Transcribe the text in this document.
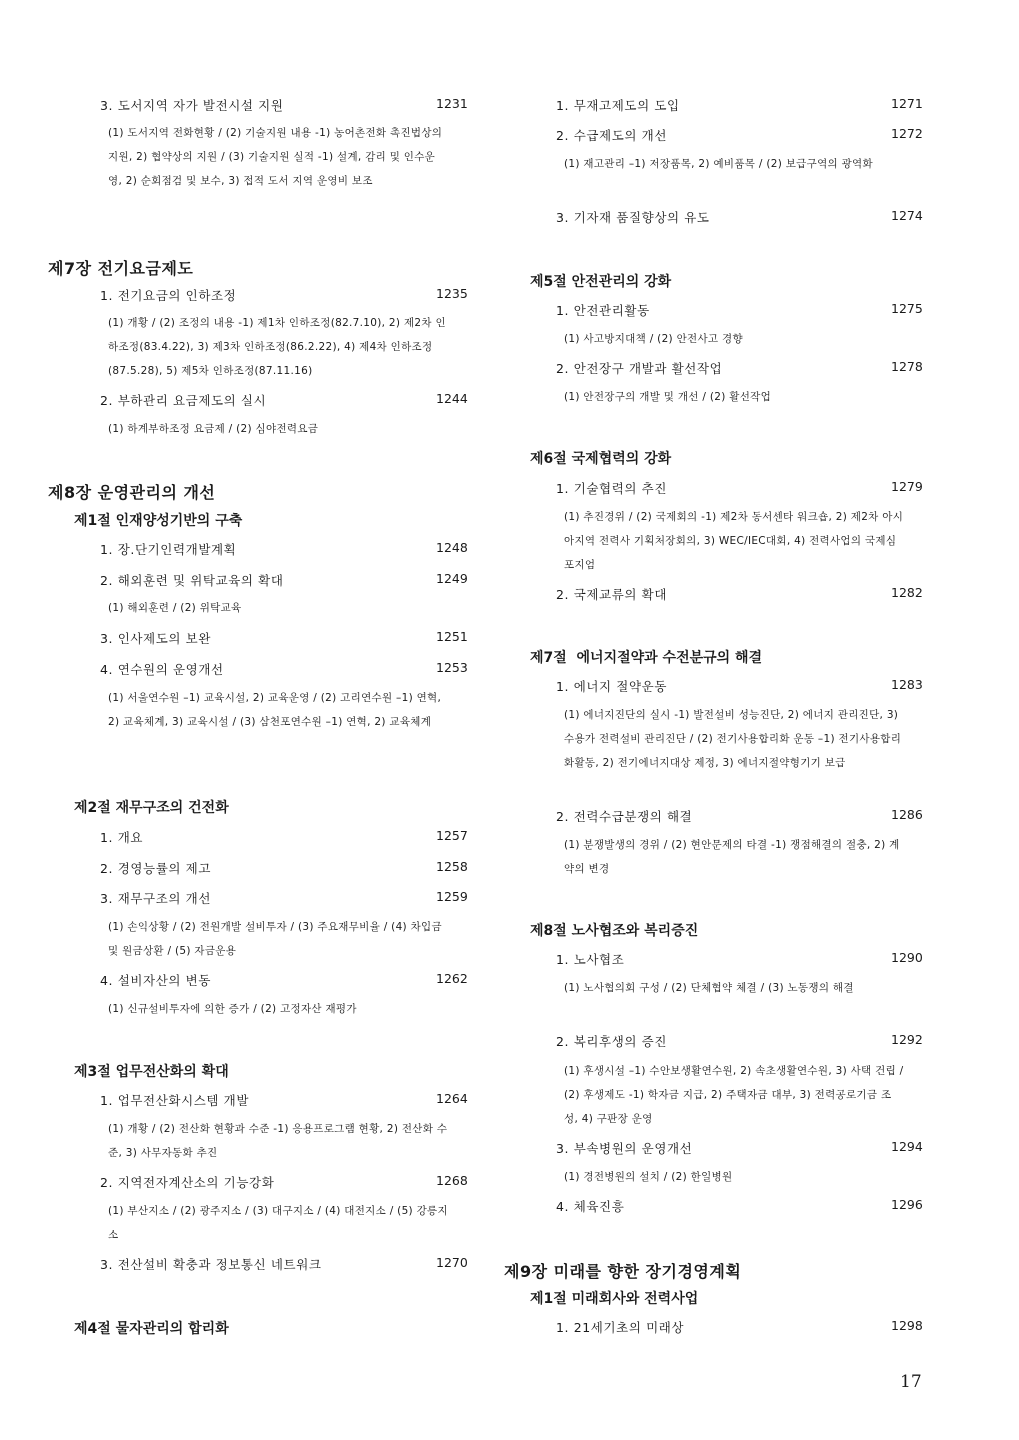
3. 도서지역 자가 발전시설 지원	1231
(1) 도서지역 전화현황 / (2) 기술지원 내용 -1) 농어촌전화 촉진법상의 지원, 2) 협약상의 지원 / (3) 기술지원 실적 -1) 설계, 감리 및 인수운영, 2) 순회점검 및 보수, 3) 접적 도서 지역 운영비 보조
제7장 전기요금제도
1. 전기요금의 인하조정	1235
(1) 개황 / (2) 조정의 내용 -1) 제1차 인하조정(82.7.10), 2) 제2차 인하조정(83.4.22), 3) 제3차 인하조정(86.2.22), 4) 제4차 인하조정(87.5.28), 5) 제5차 인하조정(87.11.16)
2. 부하관리 요금제도의 실시	1244
(1) 하계부하조정 요금제 / (2) 심야전력요금
제8장 운영관리의 개선
제1절 인재양성기반의 구축
1. 장.단기인력개발계획	1248
2. 해외훈련 및 위탁교육의 확대	1249
(1) 해외훈련 / (2) 위탁교육
3. 인사제도의 보완	1251
4. 연수원의 운영개선	1253
(1) 서울연수원 –1) 교육시설, 2) 교육운영 / (2) 고리연수원 –1) 연혁, 2) 교육체계, 3) 교육시설 / (3) 삼천포연수원 –1) 연혁, 2) 교육체계
제2절 재무구조의 건전화
1. 개요	1257
2. 경영능률의 제고	1258
3. 재무구조의 개선	1259
(1) 손익상황 / (2) 전원개발 설비투자 / (3) 주요재무비율 / (4) 차입금 및 원금상환 / (5) 자금운용
4. 설비자산의 변동	1262
(1) 신규설비투자에 의한 증가 / (2) 고정자산 재평가
제3절 업무전산화의 확대
1. 업무전산화시스템 개발	1264
(1) 개황 / (2) 전산화 현황과 수준 -1) 응용프로그램 현황, 2) 전산화 수준, 3) 사무자동화 추진
2. 지역전자계산소의 기능강화	1268
(1) 부산지소 / (2) 광주지소 / (3) 대구지소 / (4) 대전지소 / (5) 강릉지소
3. 전산설비 확충과 정보통신 네트워크	1270
제4절 물자관리의 합리화
1. 무재고제도의 도입	1271
2. 수급제도의 개선	1272
(1) 재고관리 –1) 저장품목, 2) 예비품목 / (2) 보급구역의 광역화
3. 기자재 품질향상의 유도	1274
제5절 안전관리의 강화
1. 안전관리활동	1275
(1) 사고방지대책 / (2) 안전사고 경향
2. 안전장구 개발과 활선작업	1278
(1) 안전장구의 개발 및 개선 / (2) 활선작업
제6절 국제협력의 강화
1. 기술협력의 추진	1279
(1) 추진경위 / (2) 국제회의 -1) 제2차 동서센타 워크숍, 2) 제2차 아시아지역 전력사 기획처장회의, 3) WEC/IEC대회, 4) 전력사업의 국제심포지엄
2. 국제교류의 확대	1282
제7절  에너지절약과 수전분규의 해결
1. 에너지 절약운동	1283
(1) 에너지진단의 실시 -1) 발전설비 성능진단, 2) 에너지 관리진단, 3) 수용가 전력설비 관리진단 / (2) 전기사용합리화 운동 –1) 전기사용합리화활동, 2) 전기에너지대상 제정, 3) 에너지절약형기기 보급
2. 전력수급분쟁의 해결	1286
(1) 분쟁발생의 경위 / (2) 현안문제의 타결 -1) 쟁점해결의 절충, 2) 계약의 변경
제8절 노사협조와 복리증진
1. 노사협조	1290
(1) 노사협의회 구성 / (2) 단체협약 체결 / (3) 노동쟁의 해결
2. 복리후생의 증진	1292
(1) 후생시설 –1) 수안보생활연수원, 2) 속초생활연수원, 3) 사택 건립 / (2) 후생제도 -1) 학자금 지급, 2) 주택자금 대부, 3) 전력공로기금 조성, 4) 구판장 운영
3. 부속병원의 운영개선	1294
(1) 경전병원의 설치 / (2) 한일병원
4. 체육진흥	1296
제9장 미래를 향한 장기경영계획
제1절 미래회사와 전력사업
1. 21세기초의 미래상	1298
17
